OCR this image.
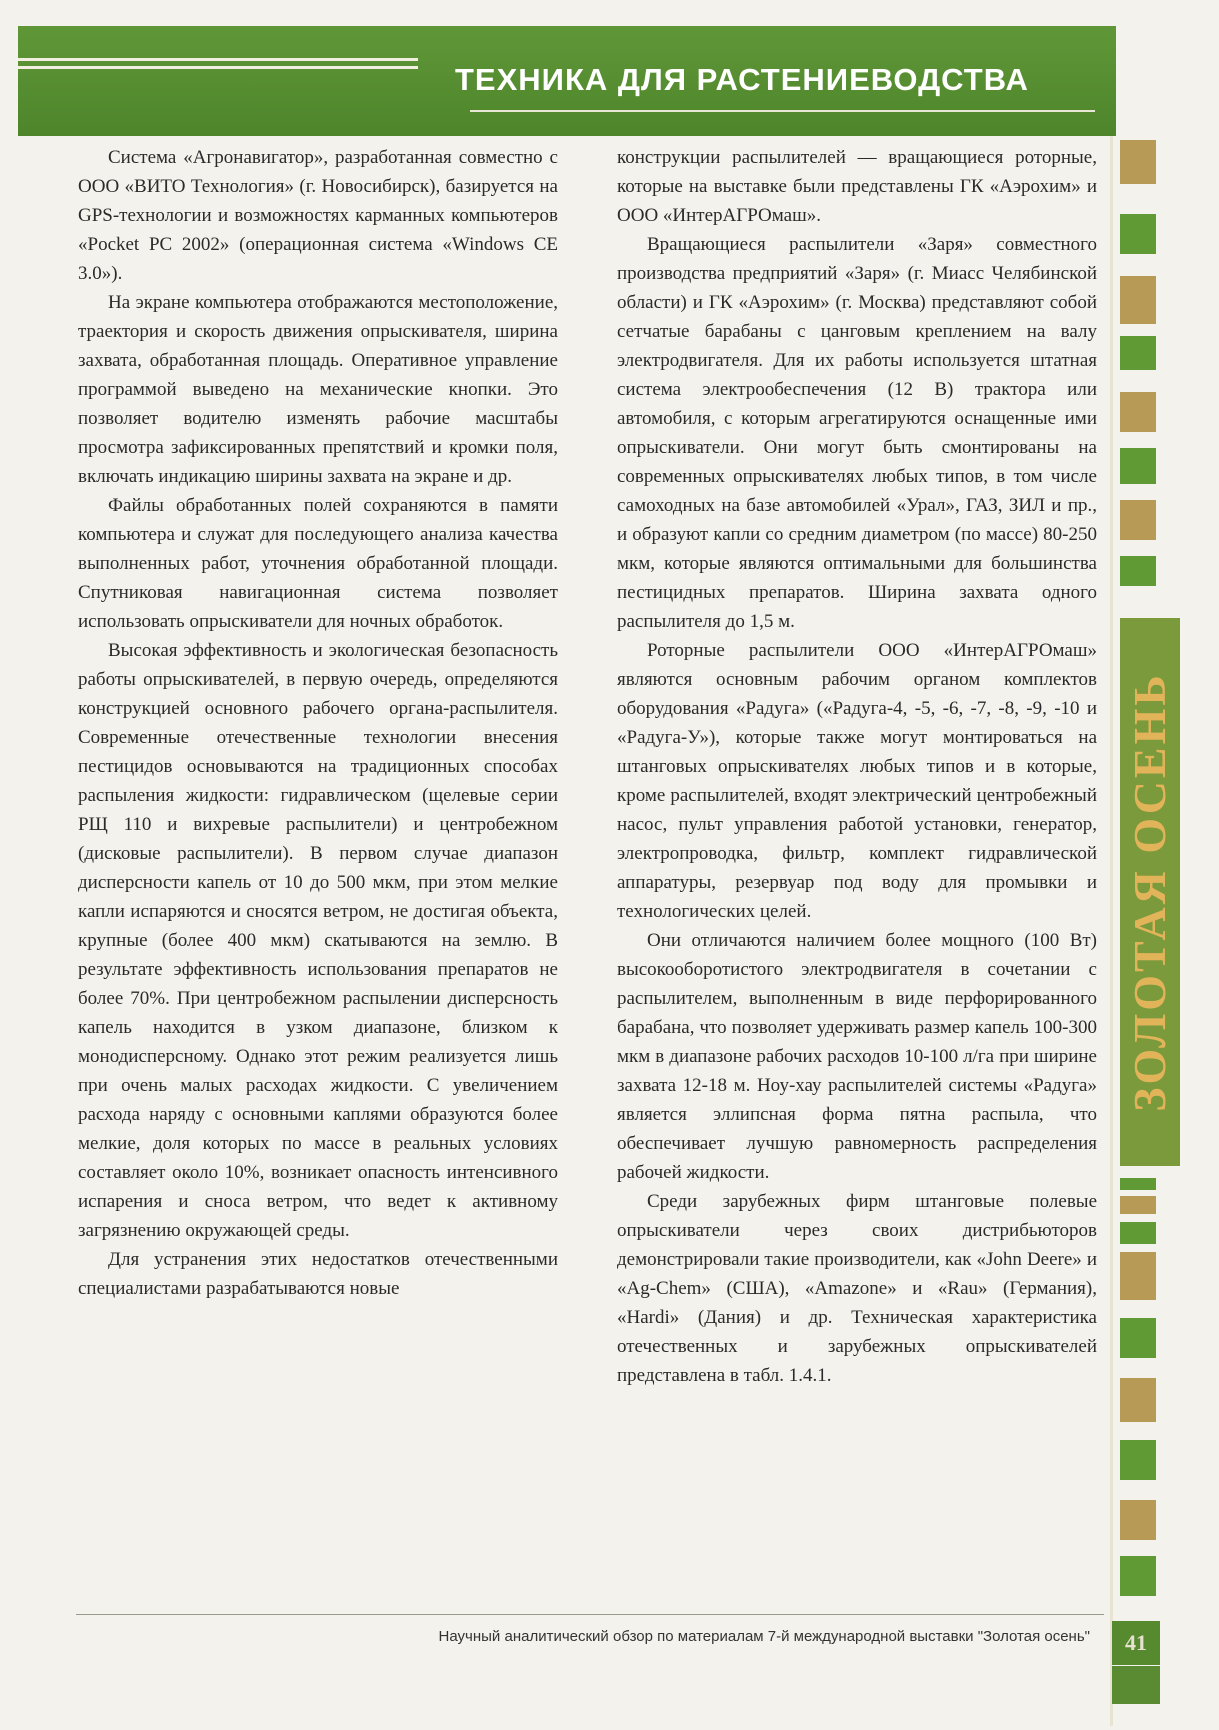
ТЕХНИКА ДЛЯ РАСТЕНИЕВОДСТВА
ЗОЛОТАЯ ОСЕНЬ

Система «Агронавигатор», разработанная совместно с ООО «ВИТО Технология» (г. Новосибирск), базируется на GPS-технологии и возможностях карманных компьютеров «Pocket PC 2002» (операционная система «Windows CE 3.0»).

На экране компьютера отображаются местоположение, траектория и скорость движения опрыскивателя, ширина захвата, обработанная площадь. Оперативное управление программой выведено на механические кнопки. Это позволяет водителю изменять рабочие масштабы просмотра зафиксированных препятствий и кромки поля, включать индикацию ширины захвата на экране и др.

Файлы обработанных полей сохраняются в памяти компьютера и служат для последующего анализа качества выполненных работ, уточнения обработанной площади. Спутниковая навигационная система позволяет использовать опрыскиватели для ночных обработок.

Высокая эффективность и экологическая безопасность работы опрыскивателей, в первую очередь, определяются конструкцией основного рабочего органа-распылителя. Современные отечественные технологии внесения пестицидов основываются на традиционных способах распыления жидкости: гидравлическом (щелевые серии РЩ 110 и вихревые распылители) и центробежном (дисковые распылители). В первом случае диапазон дисперсности капель от 10 до 500 мкм, при этом мелкие капли испаряются и сносятся ветром, не достигая объекта, крупные (более 400 мкм) скатываются на землю. В результате эффективность использования препаратов не более 70%. При центробежном распылении дисперсность капель находится в узком диапазоне, близком к монодисперсному. Однако этот режим реализуется лишь при очень малых расходах жидкости. С увеличением расхода наряду с основными каплями образуются более мелкие, доля которых по массе в реальных условиях составляет около 10%, возникает опасность интенсивного испарения и сноса ветром, что ведет к активному загрязнению окружающей среды.

Для устранения этих недостатков отечественными специалистами разрабатываются новые

конструкции распылителей — вращающиеся роторные, которые на выставке были представлены ГК «Аэрохим» и ООО «ИнтерАГРОмаш».

Вращающиеся распылители «Заря» совместного производства предприятий «Заря» (г. Миасс Челябинской области) и ГК «Аэрохим» (г. Москва) представляют собой сетчатые барабаны с цанговым креплением на валу электродвигателя. Для их работы используется штатная система электрообеспечения (12 В) трактора или автомобиля, с которым агрегатируются оснащенные ими опрыскиватели. Они могут быть смонтированы на современных опрыскивателях любых типов, в том числе самоходных на базе автомобилей «Урал», ГАЗ, ЗИЛ и пр., и образуют капли со средним диаметром (по массе) 80-250 мкм, которые являются оптимальными для большинства пестицидных препаратов. Ширина захвата одного распылителя до 1,5 м.

Роторные распылители ООО «ИнтерАГРОмаш» являются основным рабочим органом комплектов оборудования «Радуга» («Радуга-4, -5, -6, -7, -8, -9, -10 и «Радуга-У»), которые также могут монтироваться на штанговых опрыскивателях любых типов и в которые, кроме распылителей, входят электрический центробежный насос, пульт управления работой установки, генератор, электропроводка, фильтр, комплект гидравлической аппаратуры, резервуар под воду для промывки и технологических целей.

Они отличаются наличием более мощного (100 Вт) высокооборотистого электродвигателя в сочетании с распылителем, выполненным в виде перфорированного барабана, что позволяет удерживать размер капель 100-300 мкм в диапазоне рабочих расходов 10-100 л/га при ширине захвата 12-18 м. Ноу-хау распылителей системы «Радуга» является эллипсная форма пятна распыла, что обеспечивает лучшую равномерность распределения рабочей жидкости.

Среди зарубежных фирм штанговые полевые опрыскиватели через своих дистрибьюторов демонстрировали такие производители, как «John Deere» и «Ag-Chem» (США), «Amazone» и «Rau» (Германия), «Hardi» (Дания) и др. Техническая характеристика отечественных и зарубежных опрыскивателей представлена в табл. 1.4.1.

Научный аналитический обзор по материалам 7-й международной выставки "Золотая осень"	41
